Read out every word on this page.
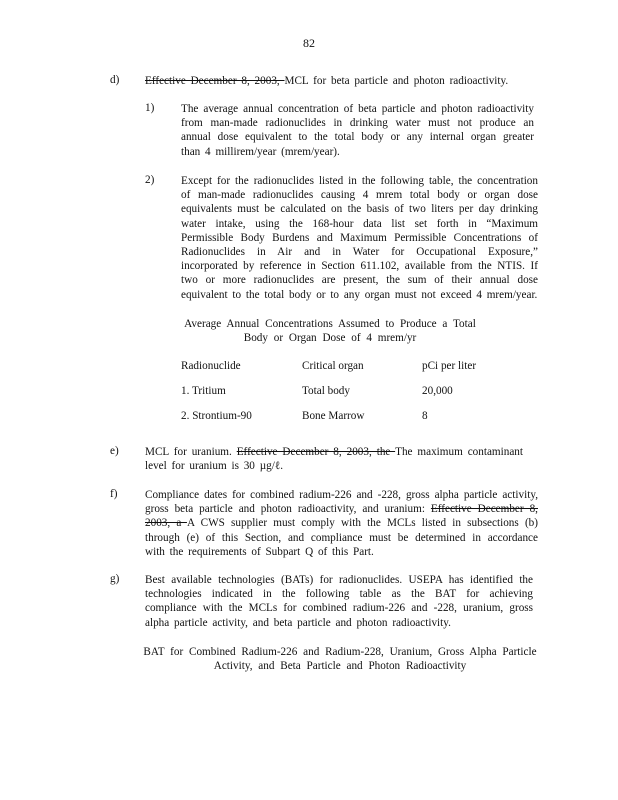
82
d) Effective December 8, 2003, MCL for beta particle and photon radioactivity.
1) The average annual concentration of beta particle and photon radioactivity from man-made radionuclides in drinking water must not produce an annual dose equivalent to the total body or any internal organ greater than 4 millirem/year (mrem/year).
2) Except for the radionuclides listed in the following table, the concentration of man-made radionuclides causing 4 mrem total body or organ dose equivalents must be calculated on the basis of two liters per day drinking water intake, using the 168-hour data list set forth in “Maximum Permissible Body Burdens and Maximum Permissible Concentrations of Radionuclides in Air and in Water for Occupational Exposure,” incorporated by reference in Section 611.102, available from the NTIS. If two or more radionuclides are present, the sum of their annual dose equivalent to the total body or to any organ must not exceed 4 mrem/year.
Average Annual Concentrations Assumed to Produce a Total
Body or Organ Dose of 4 mrem/yr
Radionuclide	Critical organ	pCi per liter
1. Tritium	Total body	20,000
2. Strontium-90	Bone Marrow	8
e) MCL for uranium. Effective December 8, 2003, the The maximum contaminant level for uranium is 30 µg/ℓ.
f) Compliance dates for combined radium-226 and -228, gross alpha particle activity, gross beta particle and photon radioactivity, and uranium: Effective December 8, 2003, a A CWS supplier must comply with the MCLs listed in subsections (b) through (e) of this Section, and compliance must be determined in accordance with the requirements of Subpart Q of this Part.
g) Best available technologies (BATs) for radionuclides. USEPA has identified the technologies indicated in the following table as the BAT for achieving compliance with the MCLs for combined radium-226 and -228, uranium, gross alpha particle activity, and beta particle and photon radioactivity.
BAT for Combined Radium-226 and Radium-228, Uranium, Gross Alpha Particle
Activity, and Beta Particle and Photon Radioactivity
